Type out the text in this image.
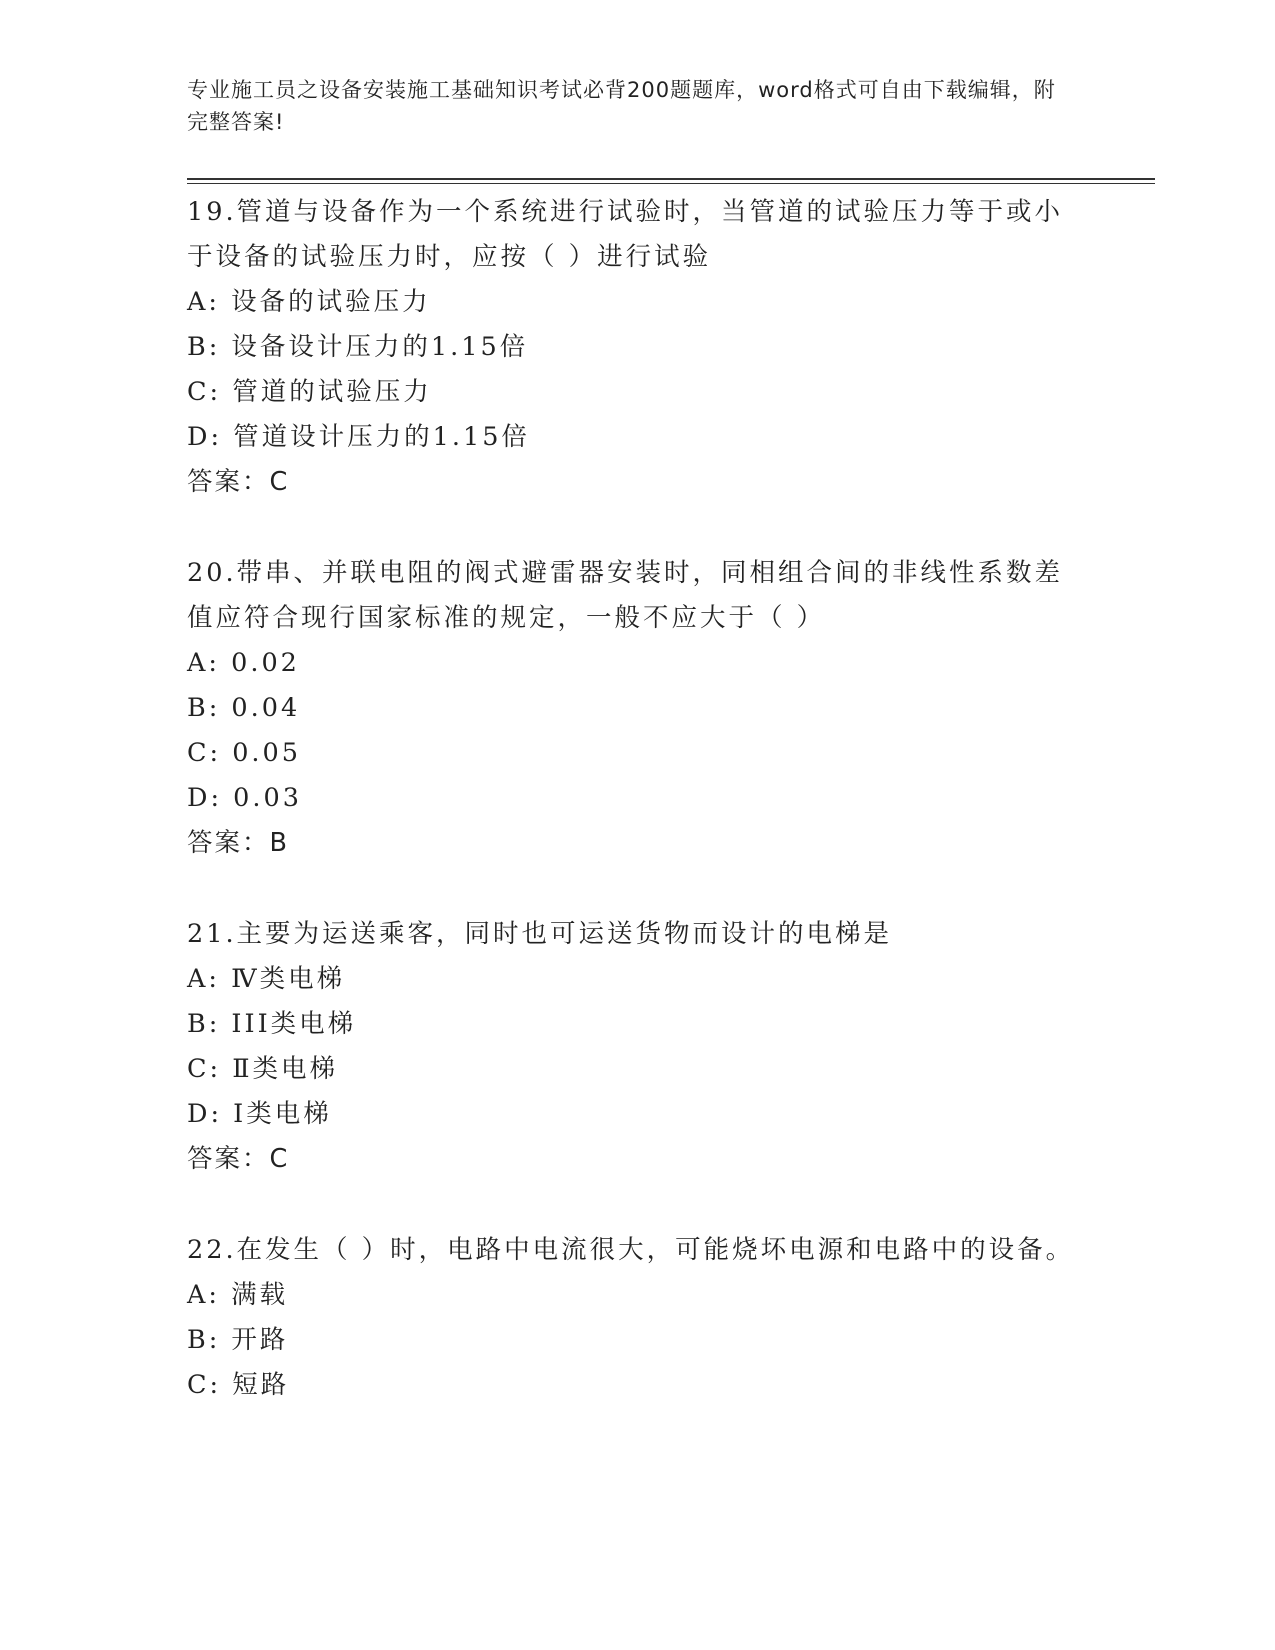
专业施工员之设备安装施工基础知识考试必背200题题库，word格式可自由下载编辑，附完整答案!
19.管道与设备作为一个系统进行试验时，当管道的试验压力等于或小于设备的试验压力时，应按（ ）进行试验
A: 设备的试验压力
B: 设备设计压力的1.15倍
C: 管道的试验压力
D: 管道设计压力的1.15倍
答案：C
20.带串、并联电阻的阀式避雷器安装时，同相组合间的非线性系数差值应符合现行国家标准的规定，一般不应大于（ ）
A: 0.02
B: 0.04
C: 0.05
D: 0.03
答案：B
21.主要为运送乘客，同时也可运送货物而设计的电梯是
A: Ⅳ类电梯
B: III类电梯
C: Ⅱ类电梯
D: Ⅰ类电梯
答案：C
22.在发生（ ）时，电路中电流很大，可能烧坏电源和电路中的设备。
A: 满载
B: 开路
C: 短路
